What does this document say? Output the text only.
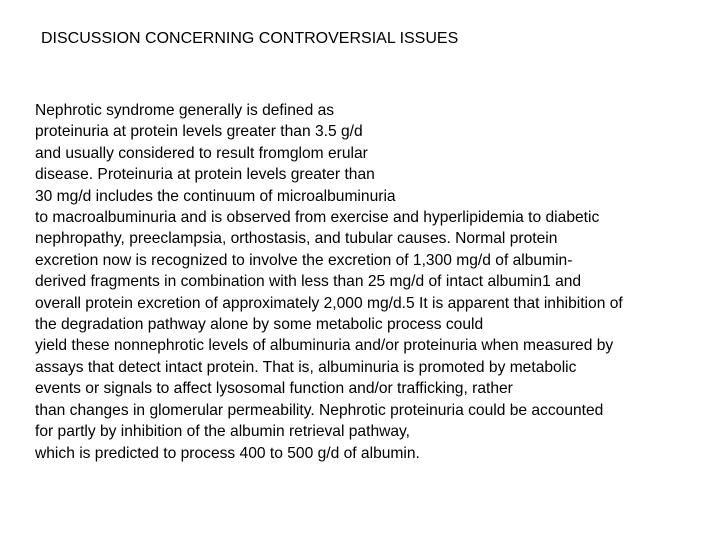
DISCUSSION CONCERNING CONTROVERSIAL ISSUES
Nephrotic syndrome generally is defined as
proteinuria at protein levels greater than 3.5 g/d
and usually considered to result fromglom erular
disease. Proteinuria at protein levels greater than
30 mg/d includes the continuum of microalbuminuria
to macroalbuminuria and is observed from exercise and hyperlipidemia to diabetic
nephropathy, preeclampsia, orthostasis, and tubular causes. Normal protein
excretion now is recognized to involve the excretion of 1,300 mg/d of albumin-
derived fragments in combination with less than 25 mg/d of intact albumin1 and
overall protein excretion of approximately 2,000 mg/d.5 It is apparent that inhibition of
the degradation pathway alone by some metabolic process could
yield these nonnephrotic levels of albuminuria and/or proteinuria when measured by
assays that detect intact protein. That is, albuminuria is promoted by metabolic
events or signals to affect lysosomal function and/or trafficking, rather
than changes in glomerular permeability. Nephrotic proteinuria could be accounted
for partly by inhibition of the albumin retrieval pathway,
which is predicted to process 400 to 500 g/d of albumin.
